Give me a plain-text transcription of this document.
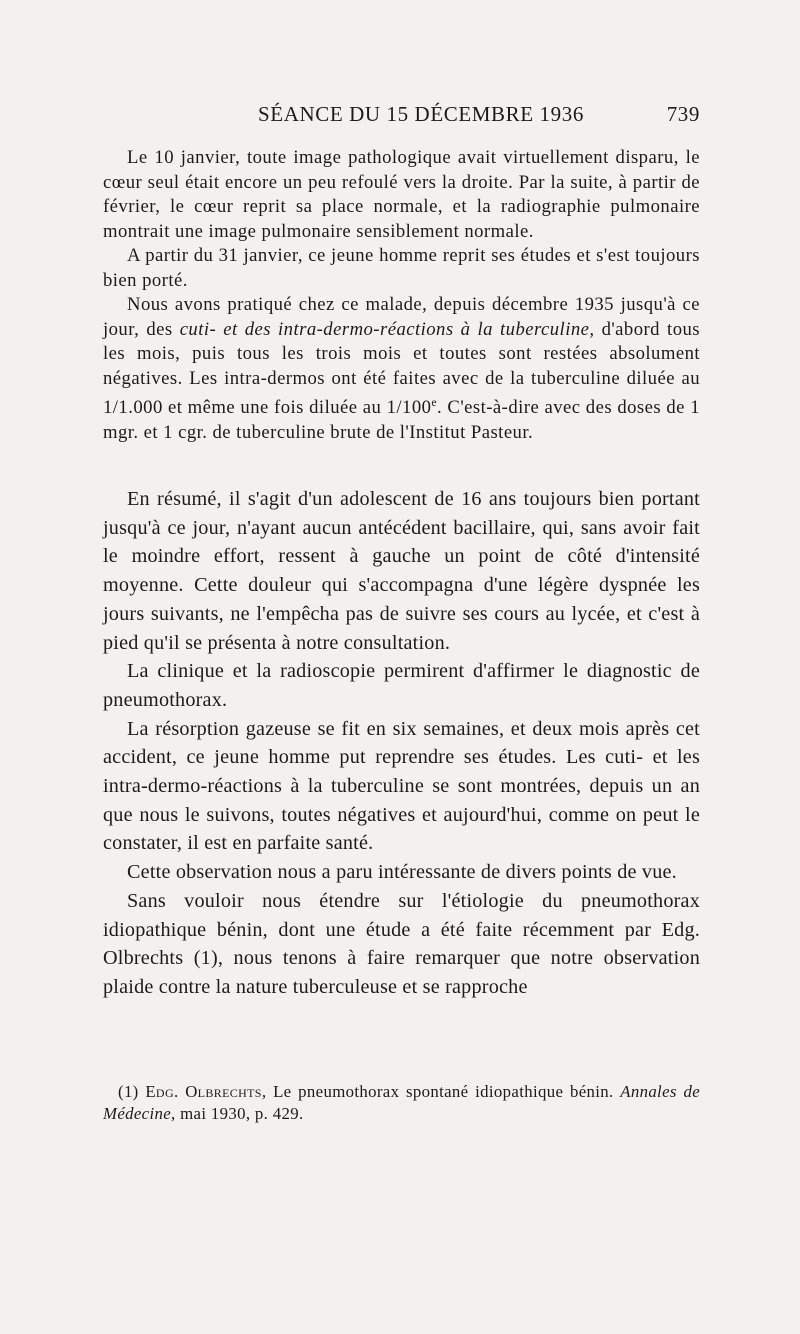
SÉANCE DU 15 DÉCEMBRE 1936	739

Le 10 janvier, toute image pathologique avait virtuellement disparu, le cœur seul était encore un peu refoulé vers la droite. Par la suite, à partir de février, le cœur reprit sa place normale, et la radiographie pulmonaire montrait une image pulmonaire sensiblement normale.

A partir du 31 janvier, ce jeune homme reprit ses études et s'est toujours bien porté.

Nous avons pratiqué chez ce malade, depuis décembre 1935 jusqu'à ce jour, des cuti- et des intra-dermo-réactions à la tuberculine, d'abord tous les mois, puis tous les trois mois et toutes sont restées absolument négatives. Les intra-dermos ont été faites avec de la tuberculine diluée au 1/1.000 et même une fois diluée au 1/100e. C'est-à-dire avec des doses de 1 mgr. et 1 cgr. de tuberculine brute de l'Institut Pasteur.

En résumé, il s'agit d'un adolescent de 16 ans toujours bien portant jusqu'à ce jour, n'ayant aucun antécédent bacillaire, qui, sans avoir fait le moindre effort, ressent à gauche un point de côté d'intensité moyenne. Cette douleur qui s'accompagna d'une légère dyspnée les jours suivants, ne l'empêcha pas de suivre ses cours au lycée, et c'est à pied qu'il se présenta à notre consultation.

La clinique et la radioscopie permirent d'affirmer le diagnostic de pneumothorax.

La résorption gazeuse se fit en six semaines, et deux mois après cet accident, ce jeune homme put reprendre ses études. Les cuti- et les intra-dermo-réactions à la tuberculine se sont montrées, depuis un an que nous le suivons, toutes négatives et aujourd'hui, comme on peut le constater, il est en parfaite santé.

Cette observation nous a paru intéressante de divers points de vue.

Sans vouloir nous étendre sur l'étiologie du pneumothorax idiopathique bénin, dont une étude a été faite récemment par Edg. Olbrechts (1), nous tenons à faire remarquer que notre observation plaide contre la nature tuberculeuse et se rapproche

(1) Edg. Olbrechts, Le pneumothorax spontané idiopathique bénin. Annales de Médecine, mai 1930, p. 429.
